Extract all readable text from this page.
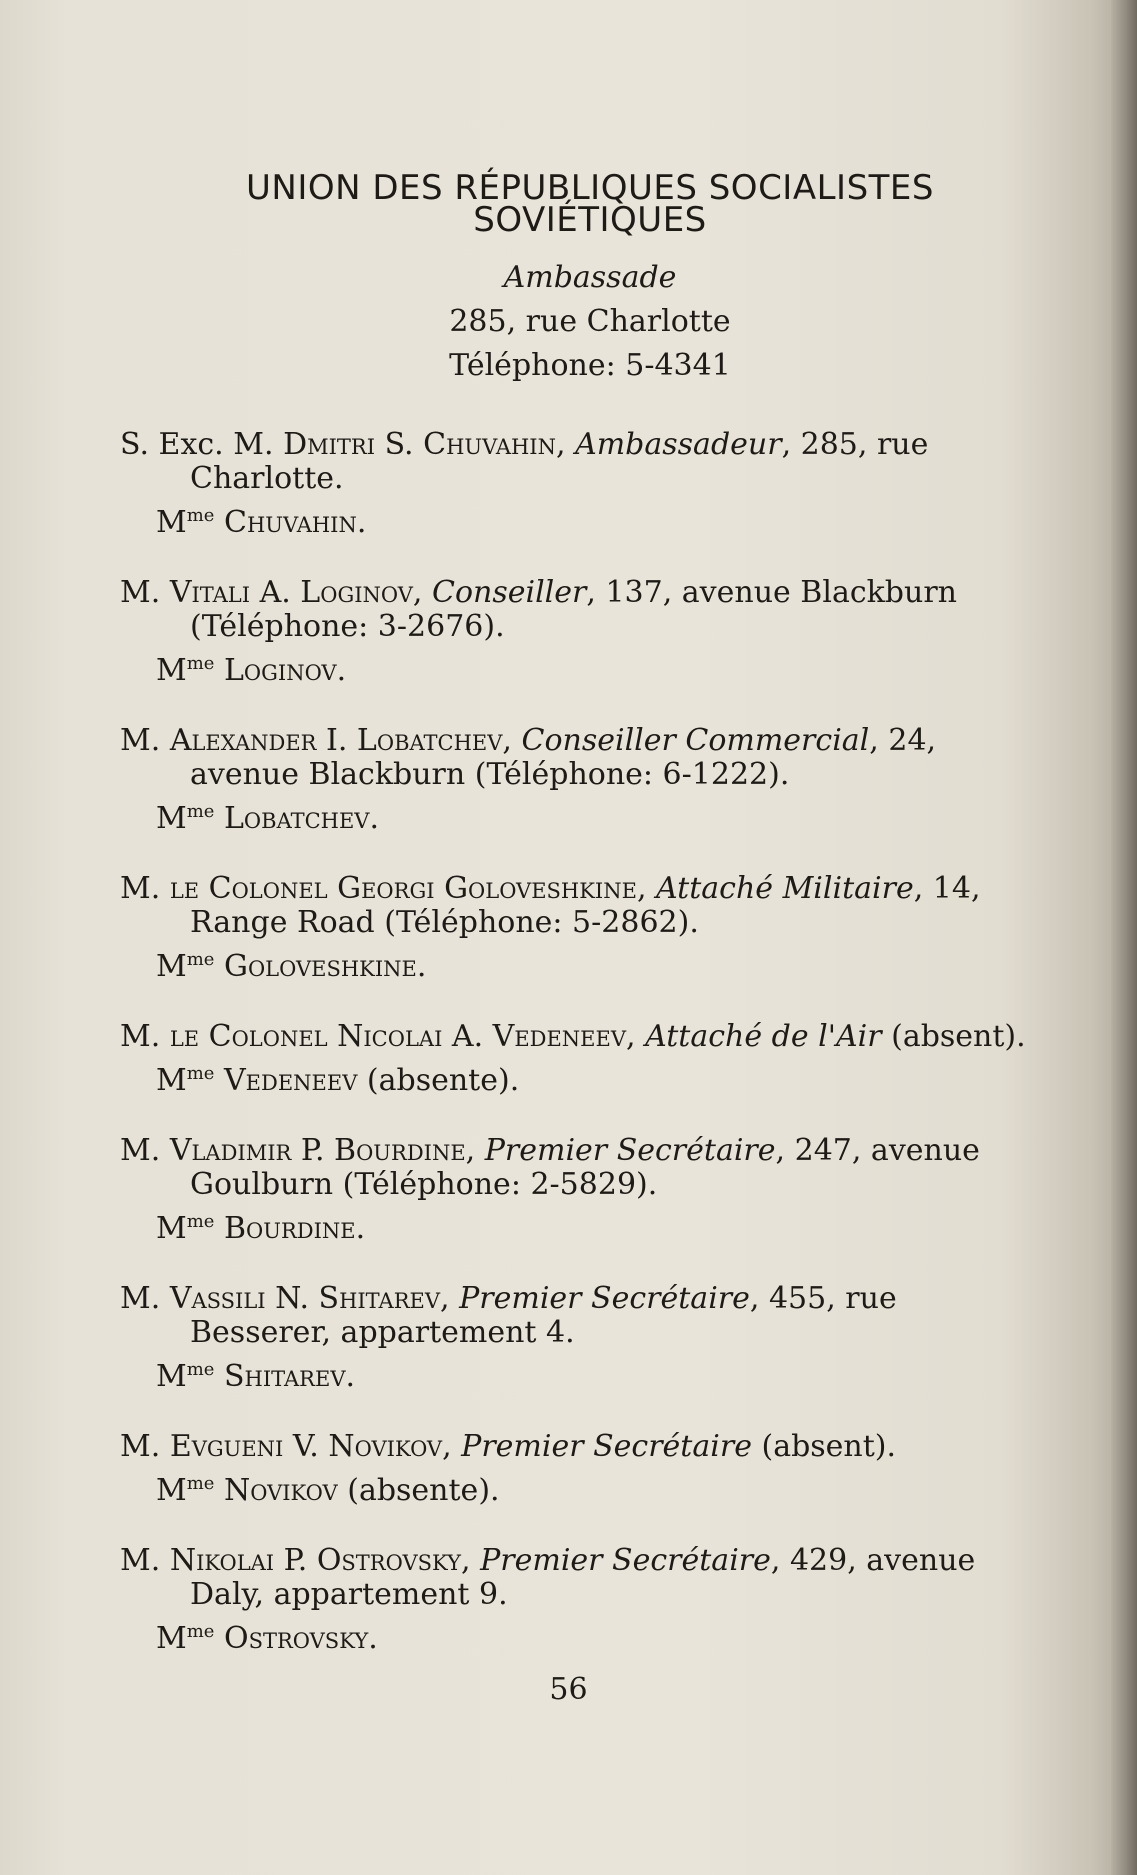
UNION DES RÉPUBLIQUES SOCIALISTES
SOVIÉTIQUES
Ambassade
285, rue Charlotte
Téléphone: 5-4341
S. Exc. M. Dmitri S. Chuvahin, Ambassadeur, 285, rue Charlotte.
$M^{me}$ Chuvahin.
M. Vitali A. Loginov, Conseiller, 137, avenue Blackburn (Téléphone: 3-2676).
$M^{me}$ Loginov.
M. Alexander I. Lobatchev, Conseiller Commercial, 24, avenue Blackburn (Téléphone: 6-1222).
$M^{me}$ Lobatchev.
M. le Colonel Georgi Goloveshkine, Attaché Militaire, 14, Range Road (Téléphone: 5-2862).
$M^{me}$ Goloveshkine.
M. le Colonel Nicolai A. Vedeneev, Attaché de l'Air (absent).
$M^{me}$ Vedeneev (absente).
M. Vladimir P. Bourdine, Premier Secrétaire, 247, avenue Goulburn (Téléphone: 2-5829).
$M^{me}$ Bourdine.
M. Vassili N. Shitarev, Premier Secrétaire, 455, rue Besserer, appartement 4.
$M^{me}$ Shitarev.
M. Evgueni V. Novikov, Premier Secrétaire (absent).
$M^{me}$ Novikov (absente).
M. Nikolai P. Ostrovsky, Premier Secrétaire, 429, avenue Daly, appartement 9.
$M^{me}$ Ostrovsky.
56
